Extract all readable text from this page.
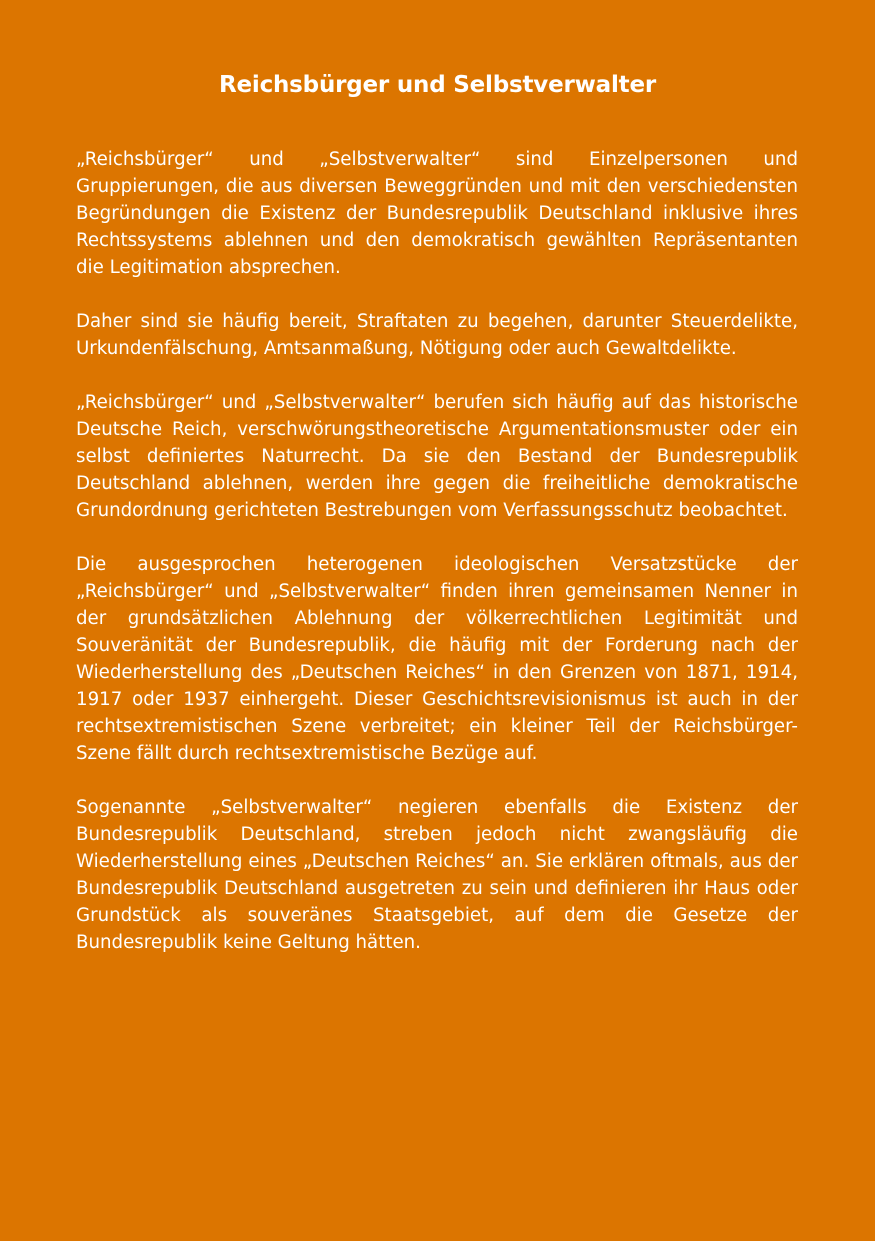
Reichsbürger und Selbstverwalter

„Reichsbürger“ und „Selbstverwalter“ sind Einzelpersonen und Gruppierungen, die aus diversen Beweggründen und mit den verschiedensten Begründungen die Existenz der Bundesrepublik Deutschland inklusive ihres Rechtssystems ablehnen und den demokratisch gewählten Repräsentanten die Legitimation absprechen.

Daher sind sie häufig bereit, Straftaten zu begehen, darunter Steuerdelikte, Urkundenfälschung, Amtsanmaßung, Nötigung oder auch Gewaltdelikte.

„Reichsbürger“ und „Selbstverwalter“ berufen sich häufig auf das historische Deutsche Reich, verschwörungstheoretische Argumentationsmuster oder ein selbst definiertes Naturrecht. Da sie den Bestand der Bundesrepublik Deutschland ablehnen, werden ihre gegen die freiheitliche demokratische Grundordnung gerichteten Bestrebungen vom Verfassungsschutz beobachtet.

Die ausgesprochen heterogenen ideologischen Versatzstücke der „Reichsbürger“ und „Selbstverwalter“ finden ihren gemeinsamen Nenner in der grundsätzlichen Ablehnung der völkerrechtlichen Legitimität und Souveränität der Bundesrepublik, die häufig mit der Forderung nach der Wiederherstellung des „Deutschen Reiches“ in den Grenzen von 1871, 1914, 1917 oder 1937 einhergeht. Dieser Geschichtsrevisionismus ist auch in der rechtsextremistischen Szene verbreitet; ein kleiner Teil der Reichsbürger-Szene fällt durch rechtsextremistische Bezüge auf.

Sogenannte „Selbstverwalter“ negieren ebenfalls die Existenz der Bundesrepublik Deutschland, streben jedoch nicht zwangsläufig die Wiederherstellung eines „Deutschen Reiches“ an. Sie erklären oftmals, aus der Bundesrepublik Deutschland ausgetreten zu sein und definieren ihr Haus oder Grundstück als souveränes Staatsgebiet, auf dem die Gesetze der Bundesrepublik keine Geltung hätten.
